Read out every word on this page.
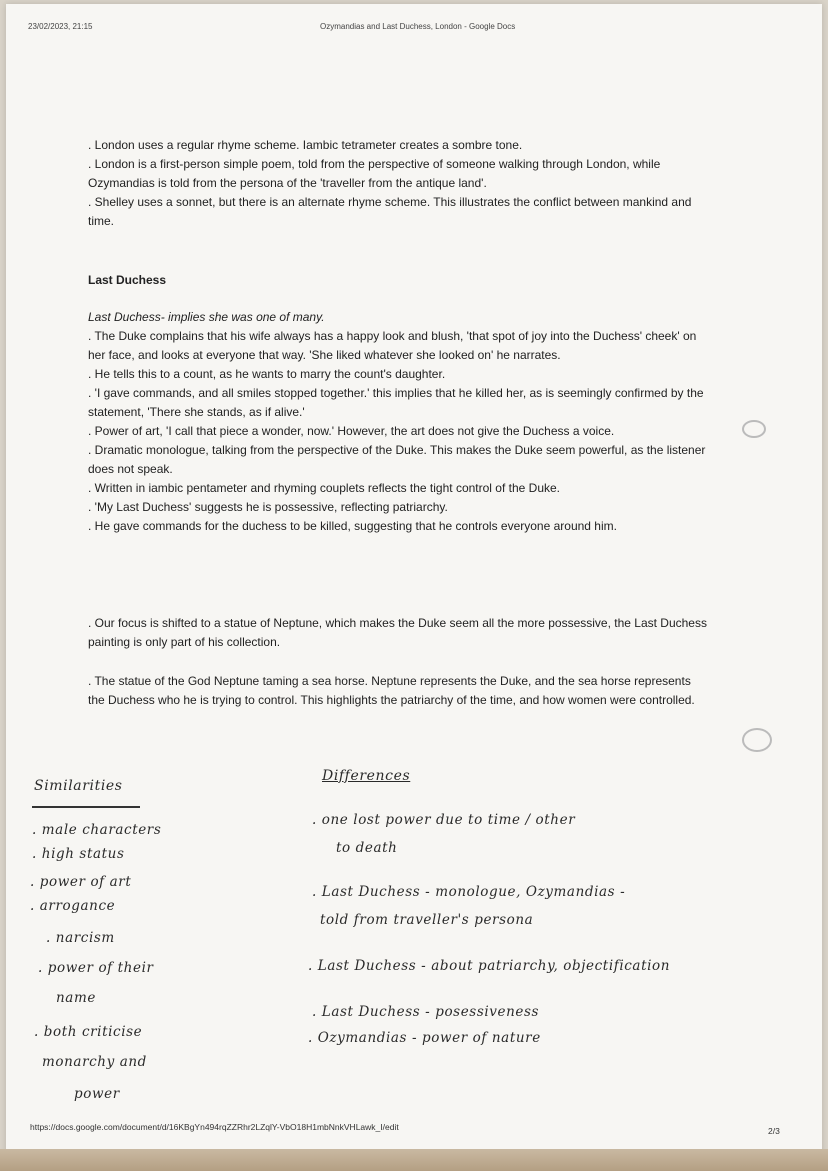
23/02/2023, 21:15	Ozymandias and Last Duchess, London - Google Docs

. London uses a regular rhyme scheme. Iambic tetrameter creates a sombre tone.

. London is a first-person simple poem, told from the perspective of someone walking through London, while Ozymandias is told from the persona of the 'traveller from the antique land'.

. Shelley uses a sonnet, but there is an alternate rhyme scheme. This illustrates the conflict between mankind and time.

Last Duchess

Last Duchess- implies she was one of many.

. The Duke complains that his wife always has a happy look and blush, 'that spot of joy into the Duchess' cheek' on her face, and looks at everyone that way. 'She liked whatever she looked on' he narrates.

. He tells this to a count, as he wants to marry the count's daughter.

. 'I gave commands, and all smiles stopped together.' this implies that he killed her, as is seemingly confirmed by the statement, 'There she stands, as if alive.'

. Power of art, 'I call that piece a wonder, now.' However, the art does not give the Duchess a voice.

. Dramatic monologue, talking from the perspective of the Duke. This makes the Duke seem powerful, as the listener does not speak.

. Written in iambic pentameter and rhyming couplets reflects the tight control of the Duke.

. 'My Last Duchess' suggests he is possessive, reflecting patriarchy.

. He gave commands for the duchess to be killed, suggesting that he controls everyone around him.

. Our focus is shifted to a statue of Neptune, which makes the Duke seem all the more possessive, the Last Duchess painting is only part of his collection.
. The statue of the God Neptune taming a sea horse. Neptune represents the Duke, and the sea horse represents the Duchess who he is trying to control. This highlights the patriarchy of the time, and how women were controlled.
Similarities
. male characters
. high status
. power of art
. arrogance
. narcism
. power of their
name
. both criticise
monarchy and
power
Differences
. one lost power due to time / other
to death
. Last Duchess - monologue, Ozymandias -
told from traveller's persona
. Last Duchess - about patriarchy, objectification
. Last Duchess - posessiveness
. Ozymandias - power of nature
https://docs.google.com/document/d/16KBgYn494rqZZRhr2LZqlY-VbO18H1mbNnkVHLawk_I/edit	2/3
